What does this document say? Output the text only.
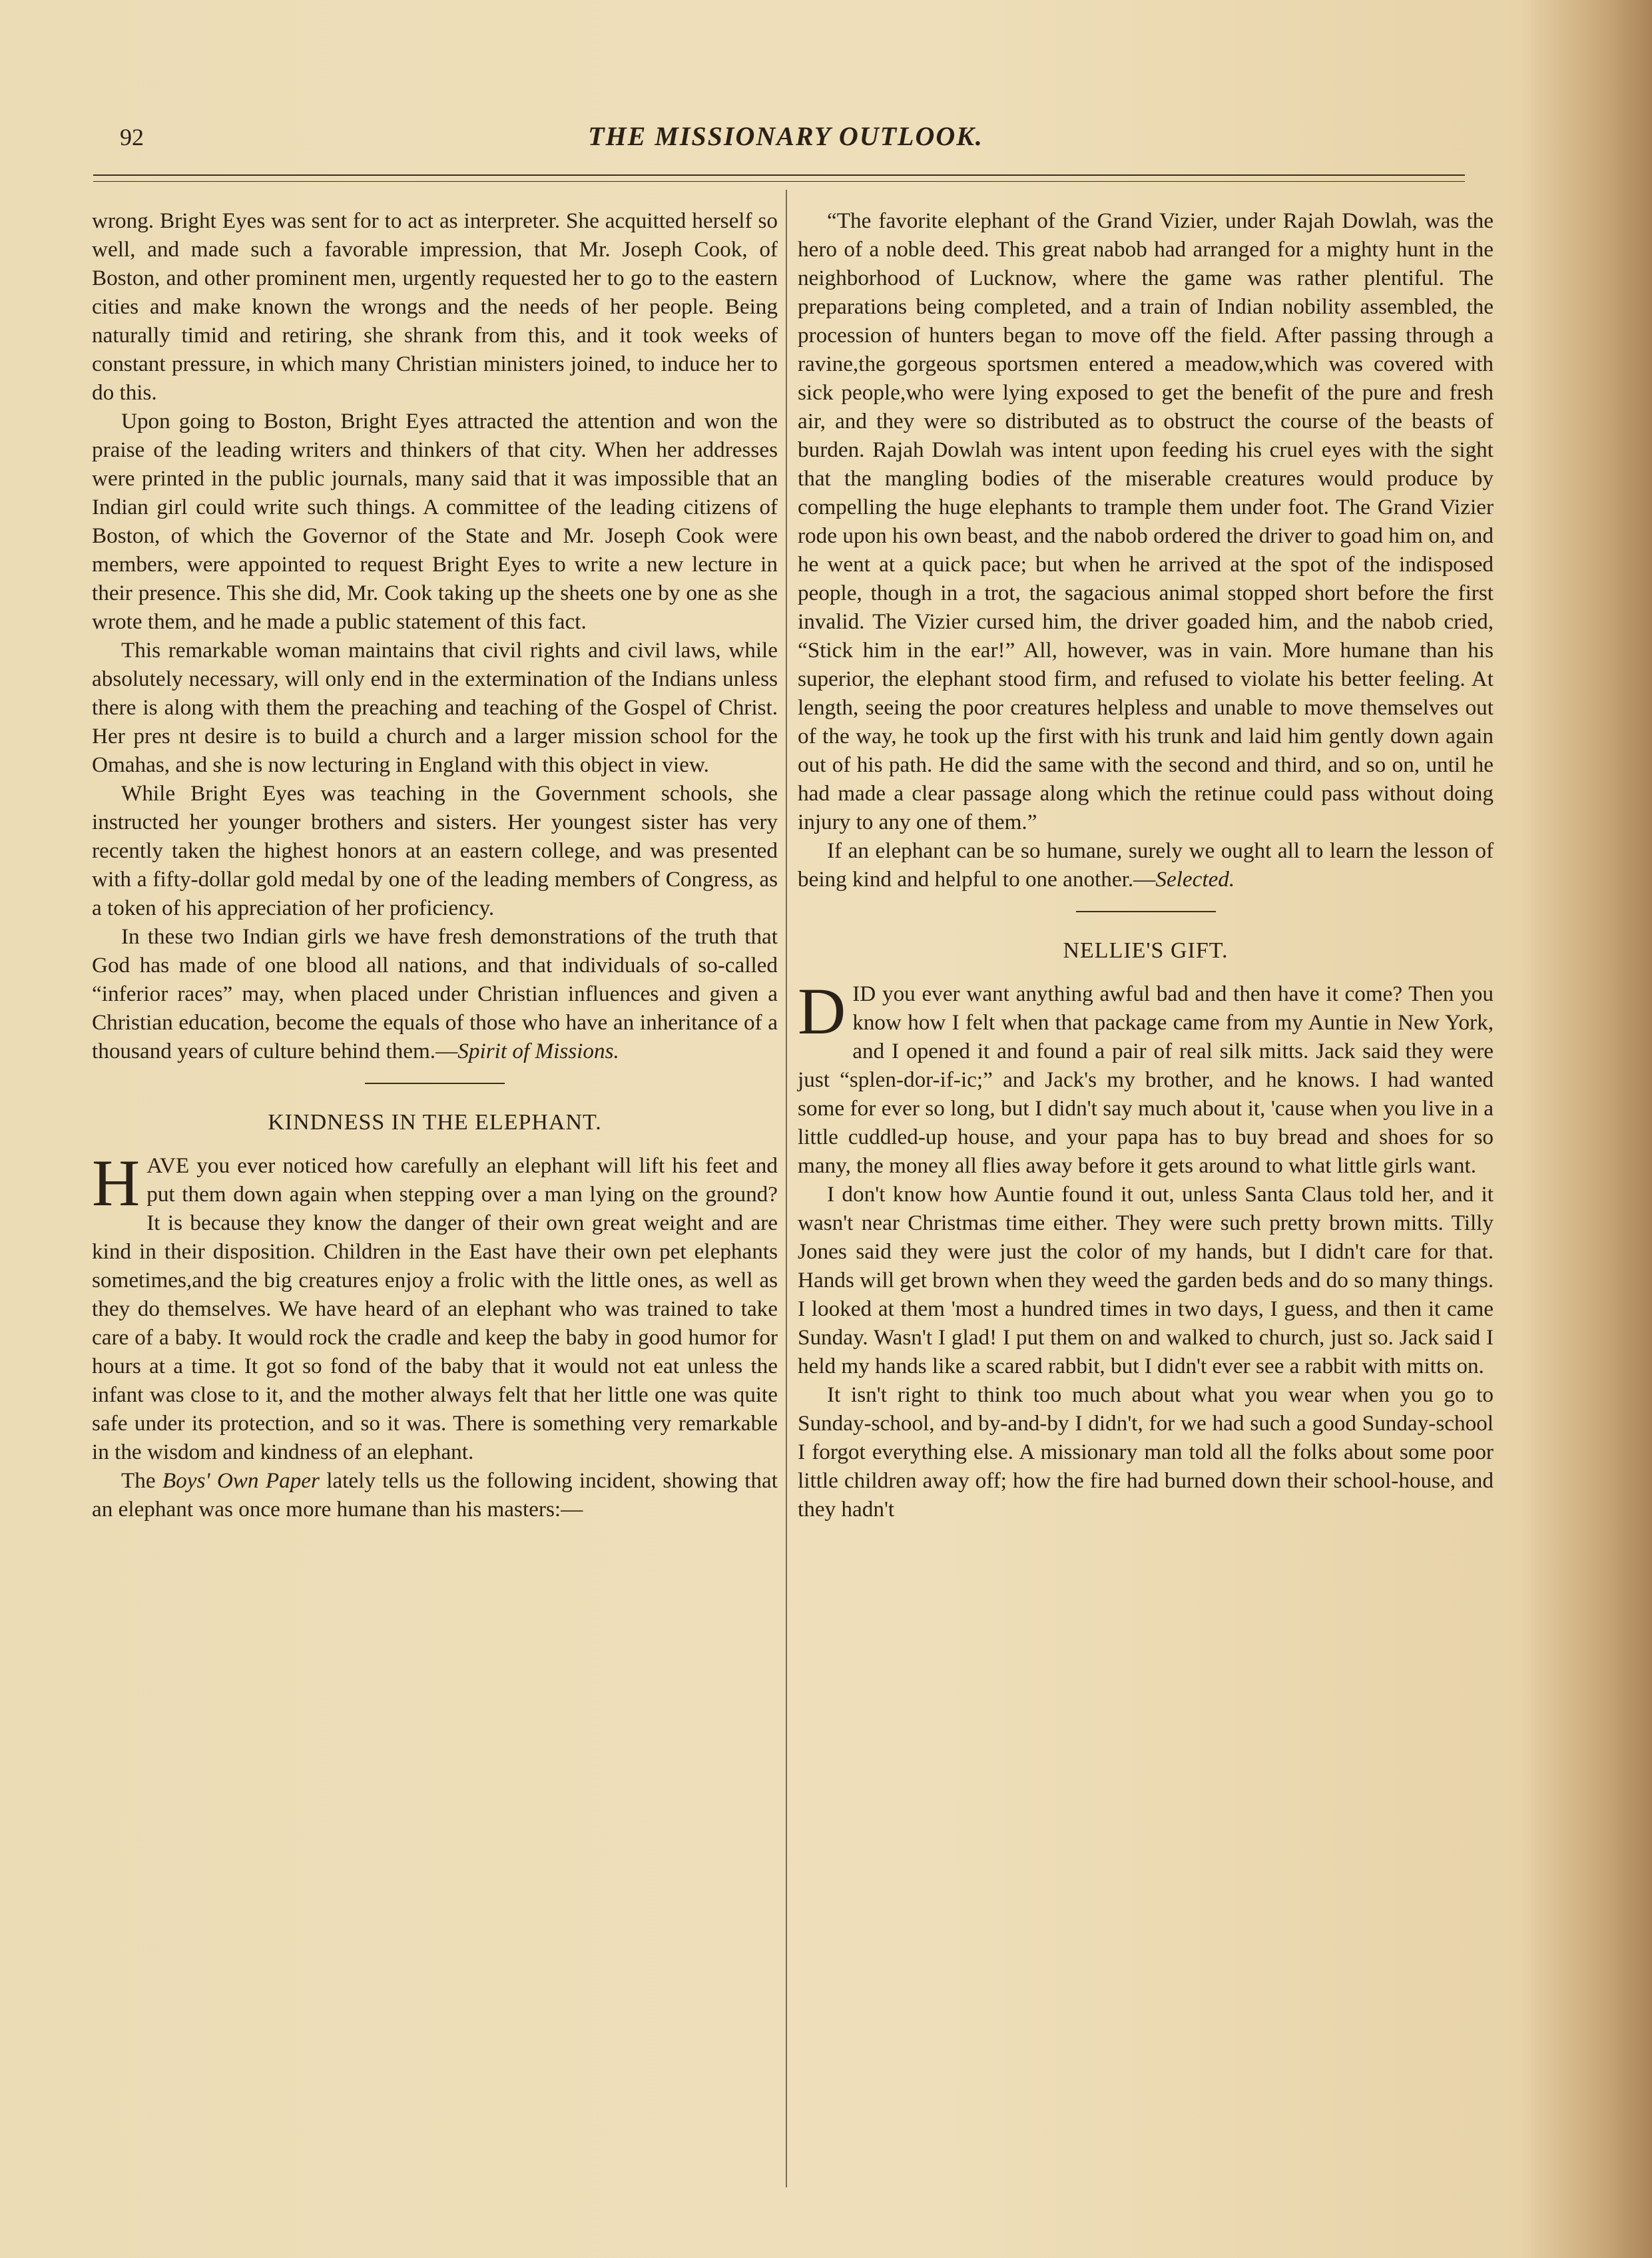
92	THE MISSIONARY OUTLOOK.

wrong. Bright Eyes was sent for to act as interpreter. She acquitted herself so well, and made such a favorable impression, that Mr. Joseph Cook, of Boston, and other prominent men, urgently requested her to go to the eastern cities and make known the wrongs and the needs of her people. Being naturally timid and retiring, she shrank from this, and it took weeks of constant pressure, in which many Christian ministers joined, to induce her to do this.

Upon going to Boston, Bright Eyes attracted the attention and won the praise of the leading writers and thinkers of that city. When her addresses were printed in the public journals, many said that it was impossible that an Indian girl could write such things. A committee of the leading citizens of Boston, of which the Governor of the State and Mr. Joseph Cook were members, were appointed to request Bright Eyes to write a new lecture in their presence. This she did, Mr. Cook taking up the sheets one by one as she wrote them, and he made a public statement of this fact.

This remarkable woman maintains that civil rights and civil laws, while absolutely necessary, will only end in the extermination of the Indians unless there is along with them the preaching and teaching of the Gospel of Christ. Her pres nt desire is to build a church and a larger mission school for the Omahas, and she is now lecturing in England with this object in view.

While Bright Eyes was teaching in the Government schools, she instructed her younger brothers and sisters. Her youngest sister has very recently taken the highest honors at an eastern college, and was presented with a fifty-dollar gold medal by one of the leading members of Congress, as a token of his appreciation of her proficiency.

In these two Indian girls we have fresh demonstrations of the truth that God has made of one blood all nations, and that individuals of so-called “inferior races” may, when placed under Christian influences and given a Christian education, become the equals of those who have an inheritance of a thousand years of culture behind them.—Spirit of Missions.

KINDNESS IN THE ELEPHANT.

HAVE you ever noticed how carefully an elephant will lift his feet and put them down again when stepping over a man lying on the ground? It is because they know the danger of their own great weight and are kind in their disposition. Children in the East have their own pet elephants sometimes,and the big creatures enjoy a frolic with the little ones, as well as they do themselves. We have heard of an elephant who was trained to take care of a baby. It would rock the cradle and keep the baby in good humor for hours at a time. It got so fond of the baby that it would not eat unless the infant was close to it, and the mother always felt that her little one was quite safe under its protection, and so it was. There is something very remarkable in the wisdom and kindness of an elephant.

The Boys' Own Paper lately tells us the following incident, showing that an elephant was once more humane than his masters:—

“The favorite elephant of the Grand Vizier, under Rajah Dowlah, was the hero of a noble deed. This great nabob had arranged for a mighty hunt in the neighborhood of Lucknow, where the game was rather plentiful. The preparations being completed, and a train of Indian nobility assembled, the procession of hunters began to move off the field. After passing through a ravine,the gorgeous sportsmen entered a meadow,which was covered with sick people,who were lying exposed to get the benefit of the pure and fresh air, and they were so distributed as to obstruct the course of the beasts of burden. Rajah Dowlah was intent upon feeding his cruel eyes with the sight that the mangling bodies of the miserable creatures would produce by compelling the huge elephants to trample them under foot. The Grand Vizier rode upon his own beast, and the nabob ordered the driver to goad him on, and he went at a quick pace; but when he arrived at the spot of the indisposed people, though in a trot, the sagacious animal stopped short before the first invalid. The Vizier cursed him, the driver goaded him, and the nabob cried, “Stick him in the ear!” All, however, was in vain. More humane than his superior, the elephant stood firm, and refused to violate his better feeling. At length, seeing the poor creatures helpless and unable to move themselves out of the way, he took up the first with his trunk and laid him gently down again out of his path. He did the same with the second and third, and so on, until he had made a clear passage along which the retinue could pass without doing injury to any one of them.”

If an elephant can be so humane, surely we ought all to learn the lesson of being kind and helpful to one another.—Selected.

NELLIE'S GIFT.

DID you ever want anything awful bad and then have it come? Then you know how I felt when that package came from my Auntie in New York, and I opened it and found a pair of real silk mitts. Jack said they were just “splen-dor-if-ic;” and Jack's my brother, and he knows. I had wanted some for ever so long, but I didn't say much about it, 'cause when you live in a little cuddled-up house, and your papa has to buy bread and shoes for so many, the money all flies away before it gets around to what little girls want.

I don't know how Auntie found it out, unless Santa Claus told her, and it wasn't near Christmas time either. They were such pretty brown mitts. Tilly Jones said they were just the color of my hands, but I didn't care for that. Hands will get brown when they weed the garden beds and do so many things. I looked at them 'most a hundred times in two days, I guess, and then it came Sunday. Wasn't I glad! I put them on and walked to church, just so. Jack said I held my hands like a scared rabbit, but I didn't ever see a rabbit with mitts on.

It isn't right to think too much about what you wear when you go to Sunday-school, and by-and-by I didn't, for we had such a good Sunday-school I forgot everything else. A missionary man told all the folks about some poor little children away off; how the fire had burned down their school-house, and they hadn't
